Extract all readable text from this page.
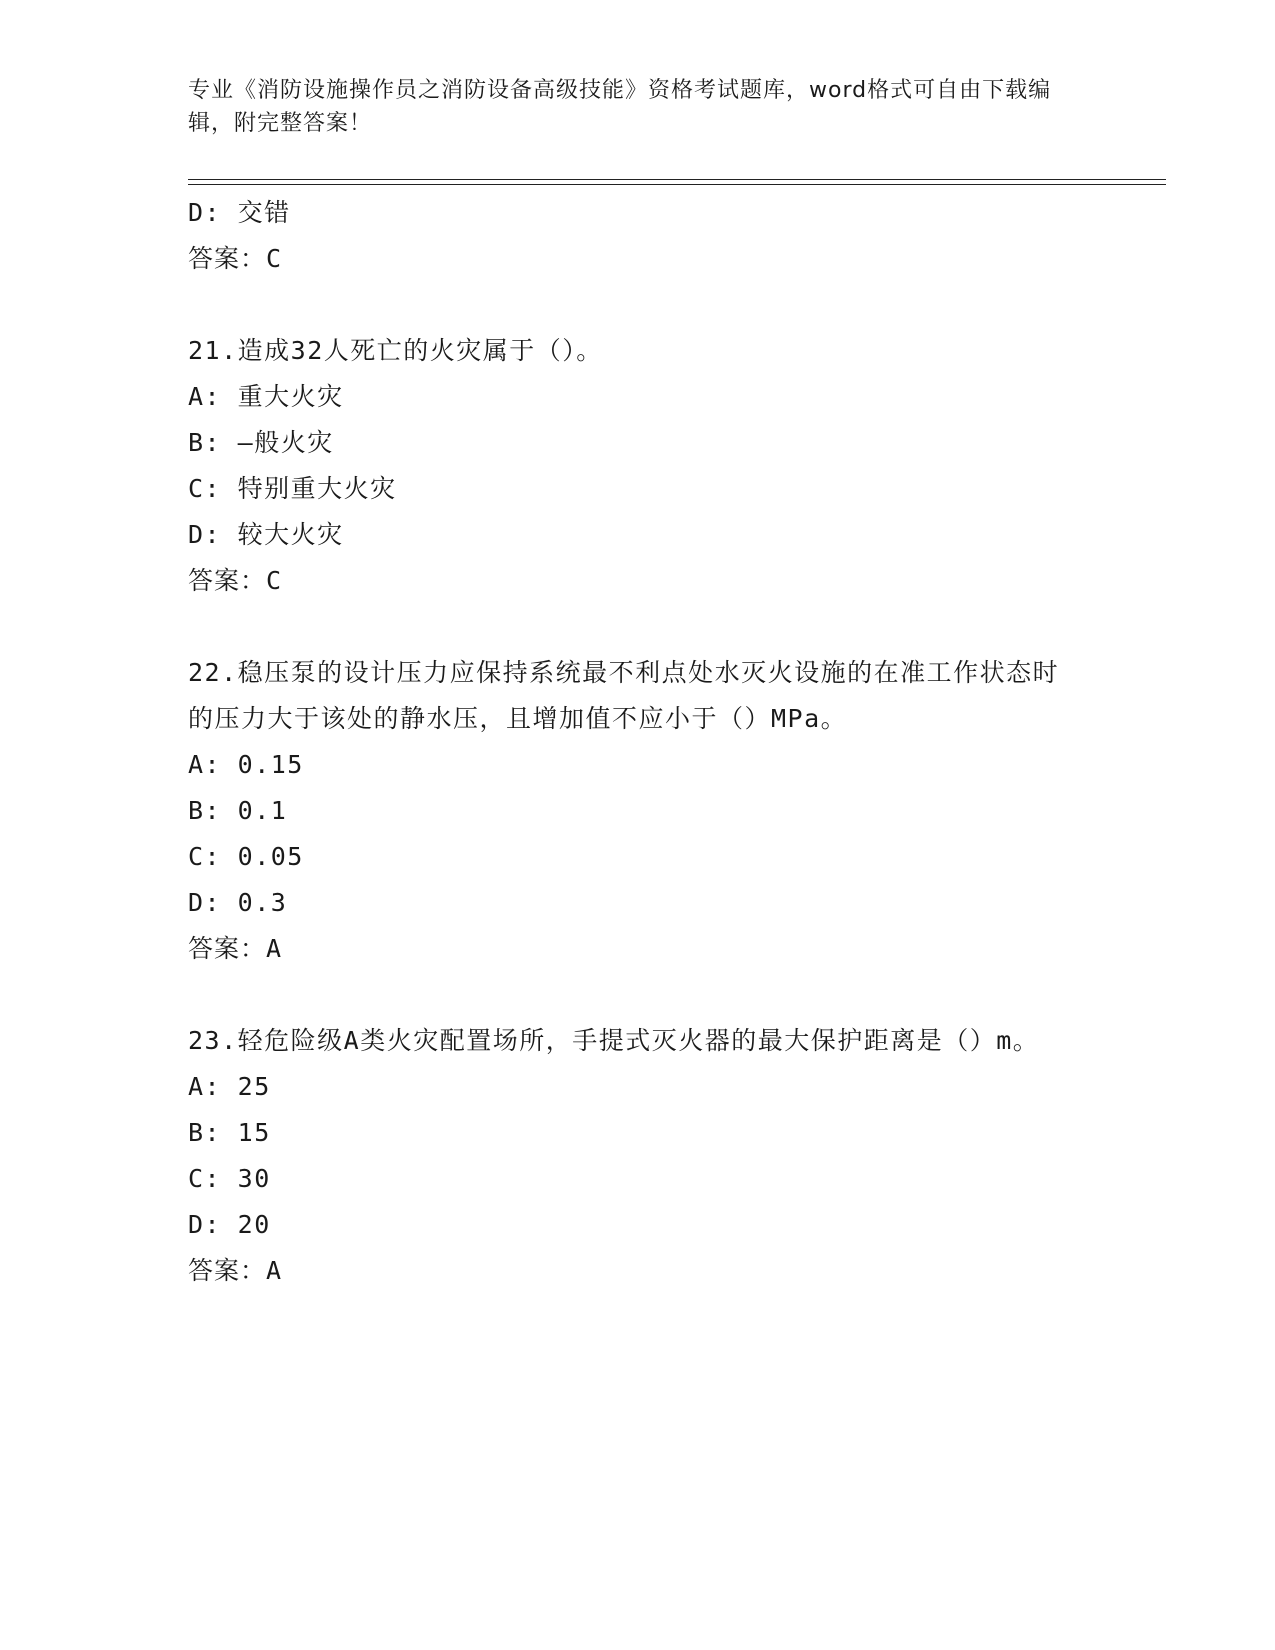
专业《消防设施操作员之消防设备高级技能》资格考试题库，word格式可自由下载编辑，附完整答案！
D: 交错
答案：C
21.造成32人死亡的火灾属于（）。
A: 重大火灾
B: —般火灾
C: 特别重大火灾
D: 较大火灾
答案：C
22.稳压泵的设计压力应保持系统最不利点处水灭火设施的在准工作状态时的压力大于该处的静水压，且增加值不应小于（）MPa。
A: 0.15
B: 0.1
C: 0.05
D: 0.3
答案：A
23.轻危险级A类火灾配置场所，手提式灭火器的最大保护距离是（）m。
A: 25
B: 15
C: 30
D: 20
答案：A
